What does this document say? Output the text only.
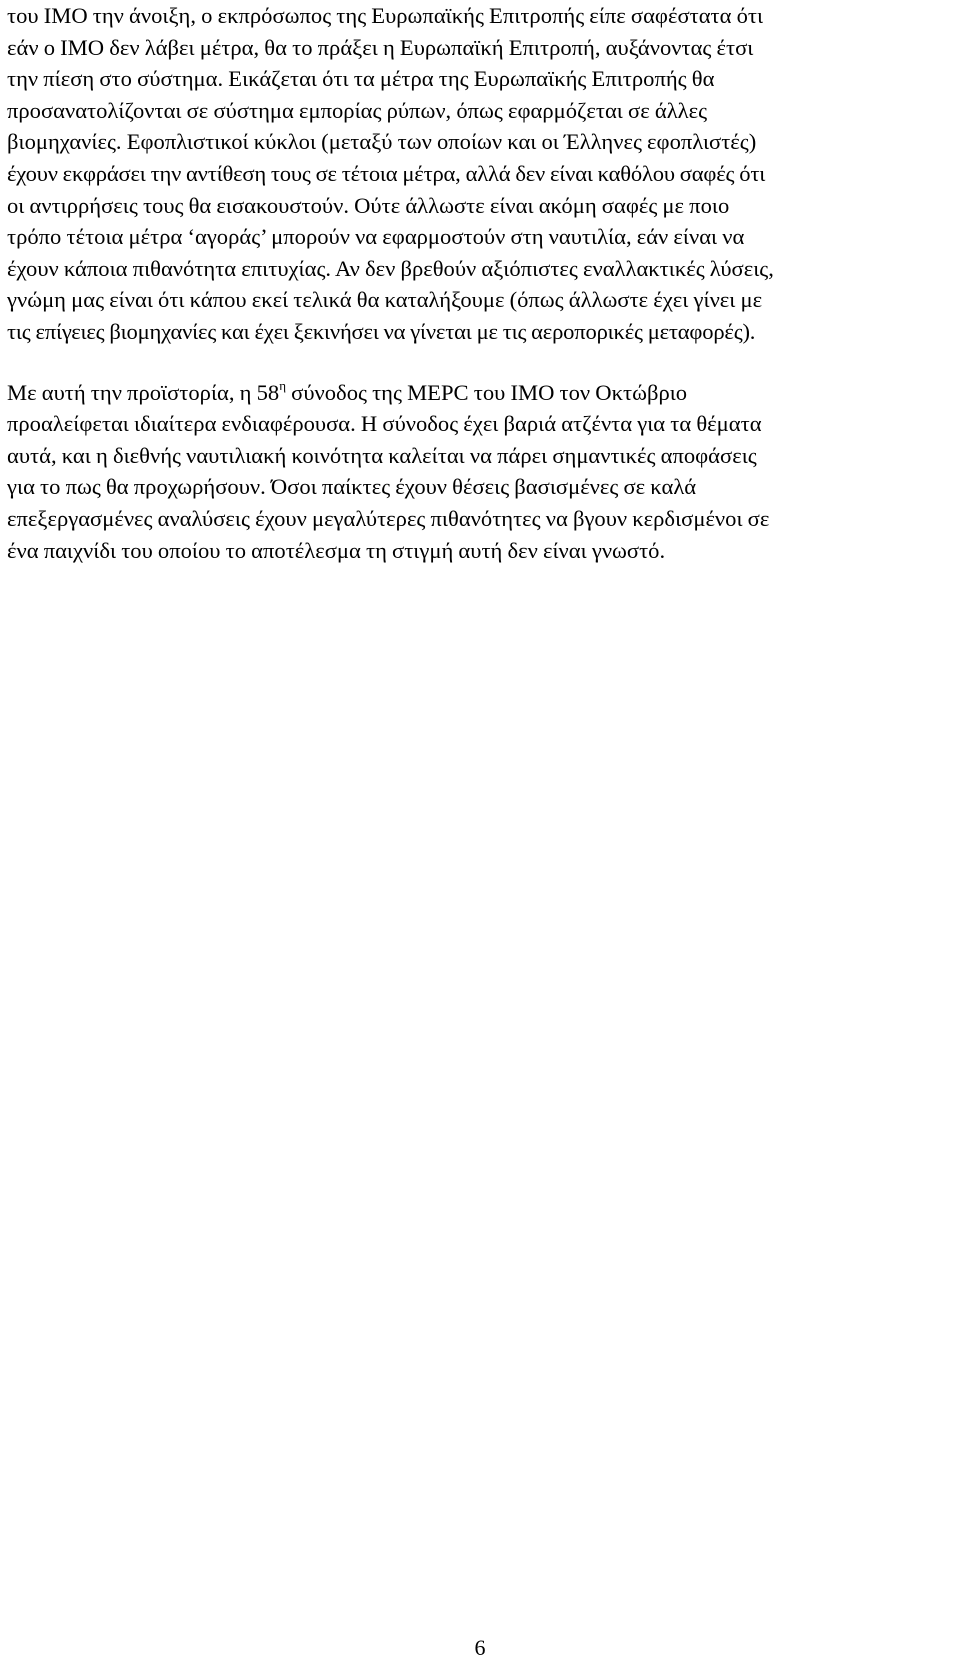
του ΙΜΟ την άνοιξη, ο εκπρόσωπος της Ευρωπαϊκής Επιτροπής είπε σαφέστατα ότι
εάν ο ΙΜΟ δεν λάβει μέτρα, θα το πράξει η Ευρωπαϊκή Επιτροπή, αυξάνοντας έτσι
την πίεση στο σύστημα. Εικάζεται ότι τα μέτρα της Ευρωπαϊκής Επιτροπής θα
προσανατολίζονται σε σύστημα εμπορίας ρύπων, όπως εφαρμόζεται σε άλλες
βιομηχανίες. Εφοπλιστικοί κύκλοι (μεταξύ των οποίων και οι Έλληνες εφοπλιστές)
έχουν εκφράσει την αντίθεση τους σε τέτοια μέτρα, αλλά δεν είναι καθόλου σαφές ότι
οι αντιρρήσεις τους θα εισακουστούν. Ούτε άλλωστε είναι ακόμη σαφές με ποιο
τρόπο τέτοια μέτρα ‘αγοράς’ μπορούν να εφαρμοστούν στη ναυτιλία, εάν είναι να
έχουν κάποια πιθανότητα επιτυχίας. Αν δεν βρεθούν αξιόπιστες εναλλακτικές λύσεις,
γνώμη μας είναι ότι κάπου εκεί τελικά θα καταλήξουμε (όπως άλλωστε έχει γίνει με
τις επίγειες βιομηχανίες και έχει ξεκινήσει να γίνεται με τις αεροπορικές μεταφορές).

Με αυτή την προϊστορία, η $58^\eta$ σύνοδος της MEPC του ΙΜΟ τον Οκτώβριο
προαλείφεται ιδιαίτερα ενδιαφέρουσα. Η σύνοδος έχει βαριά ατζέντα για τα θέματα
αυτά, και η διεθνής ναυτιλιακή κοινότητα καλείται να πάρει σημαντικές αποφάσεις
για το πως θα προχωρήσουν. Όσοι παίκτες έχουν θέσεις βασισμένες σε καλά
επεξεργασμένες αναλύσεις έχουν μεγαλύτερες πιθανότητες να βγουν κερδισμένοι σε
ένα παιχνίδι του οποίου το αποτέλεσμα τη στιγμή αυτή δεν είναι γνωστό.

6
